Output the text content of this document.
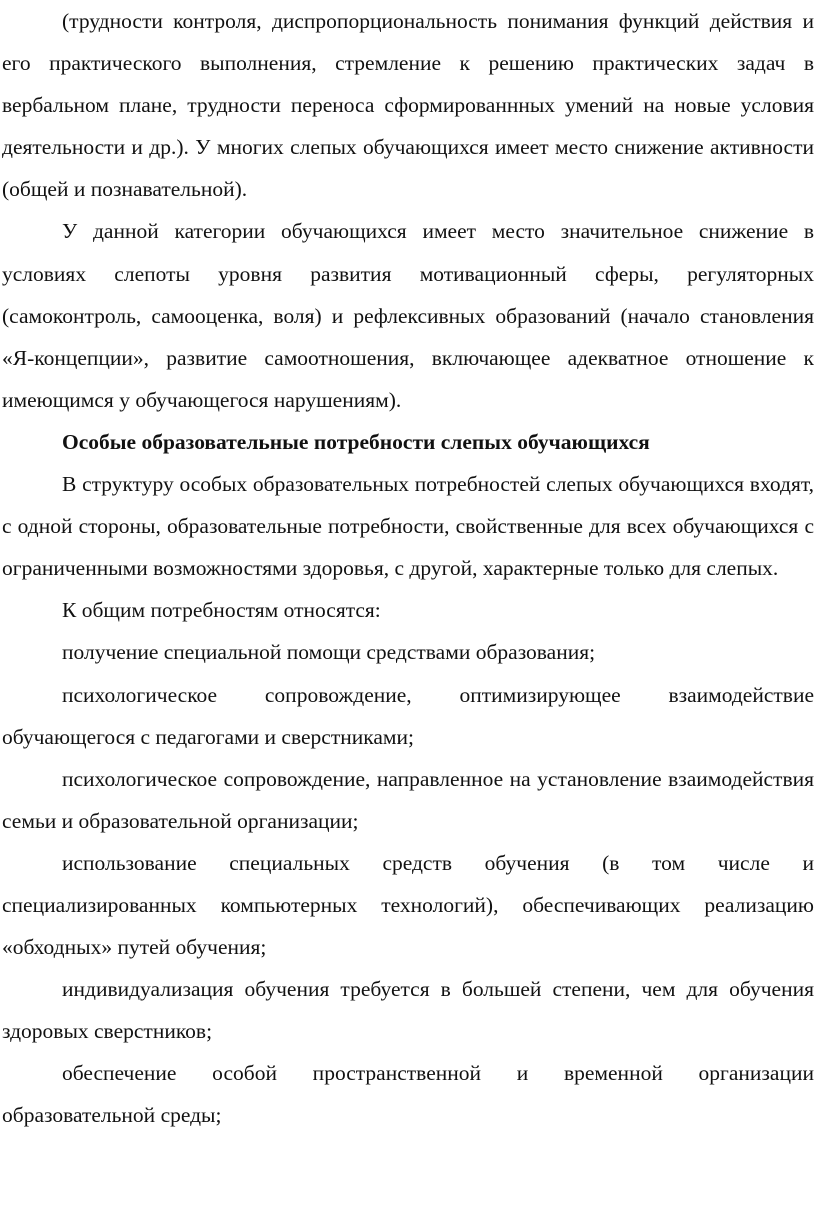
(трудности контроля, диспропорциональность понимания функций действия и его практического выполнения, стремление к решению практических задач в вербальном плане, трудности переноса сформированнных умений на новые условия деятельности и др.). У многих слепых обучающихся имеет место снижение активности (общей и познавательной).

У данной категории обучающихся имеет место значительное снижение в условиях слепоты уровня развития мотивационный сферы, регуляторных (самоконтроль, самооценка, воля) и рефлексивных образований (начало становления «Я-концепции», развитие самоотношения, включающее адекватное отношение к имеющимся у обучающегося нарушениям).

Особые образовательные потребности слепых обучающихся

В структуру особых образовательных потребностей слепых обучающихся входят, с одной стороны, образовательные потребности, свойственные для всех обучающихся с ограниченными возможностями здоровья, с другой, характерные только для слепых.

К общим потребностям относятся:

получение специальной помощи средствами образования;

психологическое сопровождение, оптимизирующее взаимодействие обучающегося с педагогами и сверстниками;

психологическое сопровождение, направленное на установление взаимодействия семьи и образовательной организации;

использование специальных средств обучения (в том числе и специализированных компьютерных технологий), обеспечивающих реализацию «обходных» путей обучения;

индивидуализация обучения требуется в большей степени, чем для обучения здоровых сверстников;

обеспечение особой пространственной и временной организации образовательной среды;
